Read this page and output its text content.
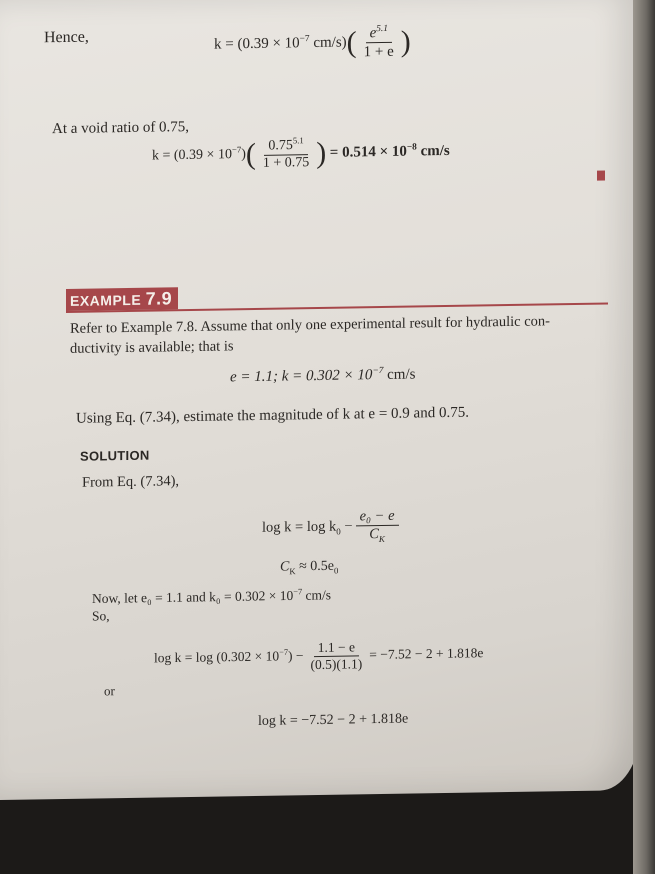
Hence,	$k = (0.39 \times 10^{-7}$ $cm/s)( \frac{e^{5.1}}{1 + e}$ )
At a void ratio of 0.75,
$k = (0.39 \times 10^{-7})( \frac{0.75^{5.1}}{1 + 0.75}$ ) = $0.514 \times 10^{-8}$ cm/s
EXAMPLE 7.9
Refer to Example 7.8. Assume that only one experimental result for hydraulic con-
ductivity is available; that is
e = 1.1; $k = 0.302 \times 10^{-7}$ cm/s
Using Eq. (7.34), estimate the magnitude of k at e = 0.9 and 0.75.
SOLUTION
From Eq. (7.34),
$\log k = \log k_0 - \frac{\text{e₀ − e}}{C_K}$
$C_K \approx 0.5e_0$
Now, let e₀ = 1.1 and $k_0 = 0.302 \times 10^{-7}$ cm/s
So,
$\log k = \log (0.302 \times 10^{-7}) - \frac{1.1 - e}{(0.5)(1.1)} = -7.52 - 2 + 1.818e$
or
log k = −7.52 − 2 + 1.818e
